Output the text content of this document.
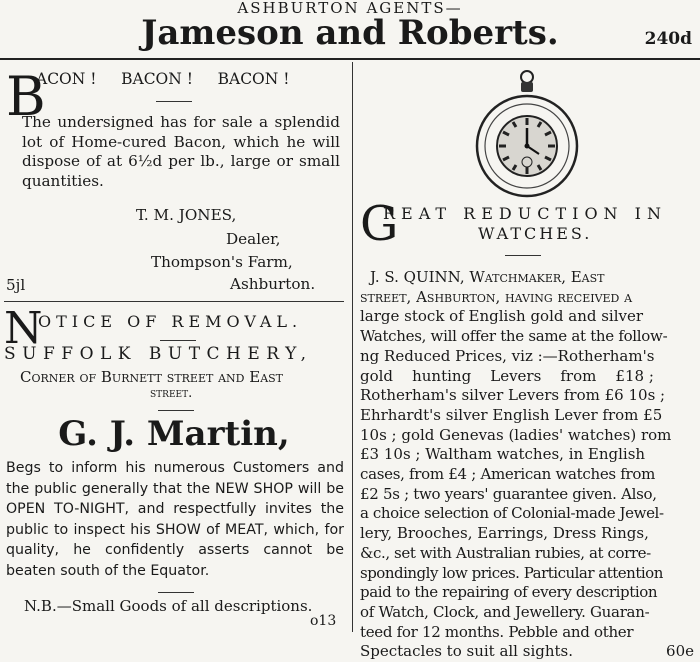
ASHBURTON AGENTS—
Jameson and Roberts.	240d
B
ACON !     BACON !     BACON !
The undersigned has for sale a splendid lot of Home-cured Bacon, which he will dispose of at 6½d per lb., large or small quantities.
T. M. JONES,
Dealer,
Thompson's Farm,
Ashburton.
5jl
N
OTICE OF REMOVAL.
SUFFOLK BUTCHERY,
Corner of Burnett street and East
street.
G. J. Martin,
Begs to inform his numerous Customers and the public generally that the NEW SHOP will be OPEN TO-NIGHT, and respectfully invites the public to inspect his SHOW of MEAT, which, for quality, he confidently asserts cannot be beaten south of the Equator.
N.B.—Small Goods of all descriptions.
o13
G
REAT REDUCTION IN
WATCHES.
J. S. QUINN, Watchmaker, East
street, Ashburton, having received a
large stock of English gold and silver
Watches, will offer the same at the follow-
ng Reduced Prices, viz :—Rotherham's
gold    hunting    Levers    from    £18 ;
Rotherham's silver Levers from £6 10s ;
Ehrhardt's silver English Lever from £5
10s ; gold Genevas (ladies' watches) rom
£3 10s ; Waltham watches, in English
cases, from £4 ; American watches from
£2 5s ; two years' guarantee given. Also,
a choice selection of Colonial-made Jewel-
lery, Brooches, Earrings, Dress Rings,
&c., set with Australian rubies, at corre-
spondingly low prices. Particular attention
paid to the repairing of every description
of Watch, Clock, and Jewellery. Guaran-
teed for 12 months. Pebble and other
Spectacles to suit all sights.	60e
